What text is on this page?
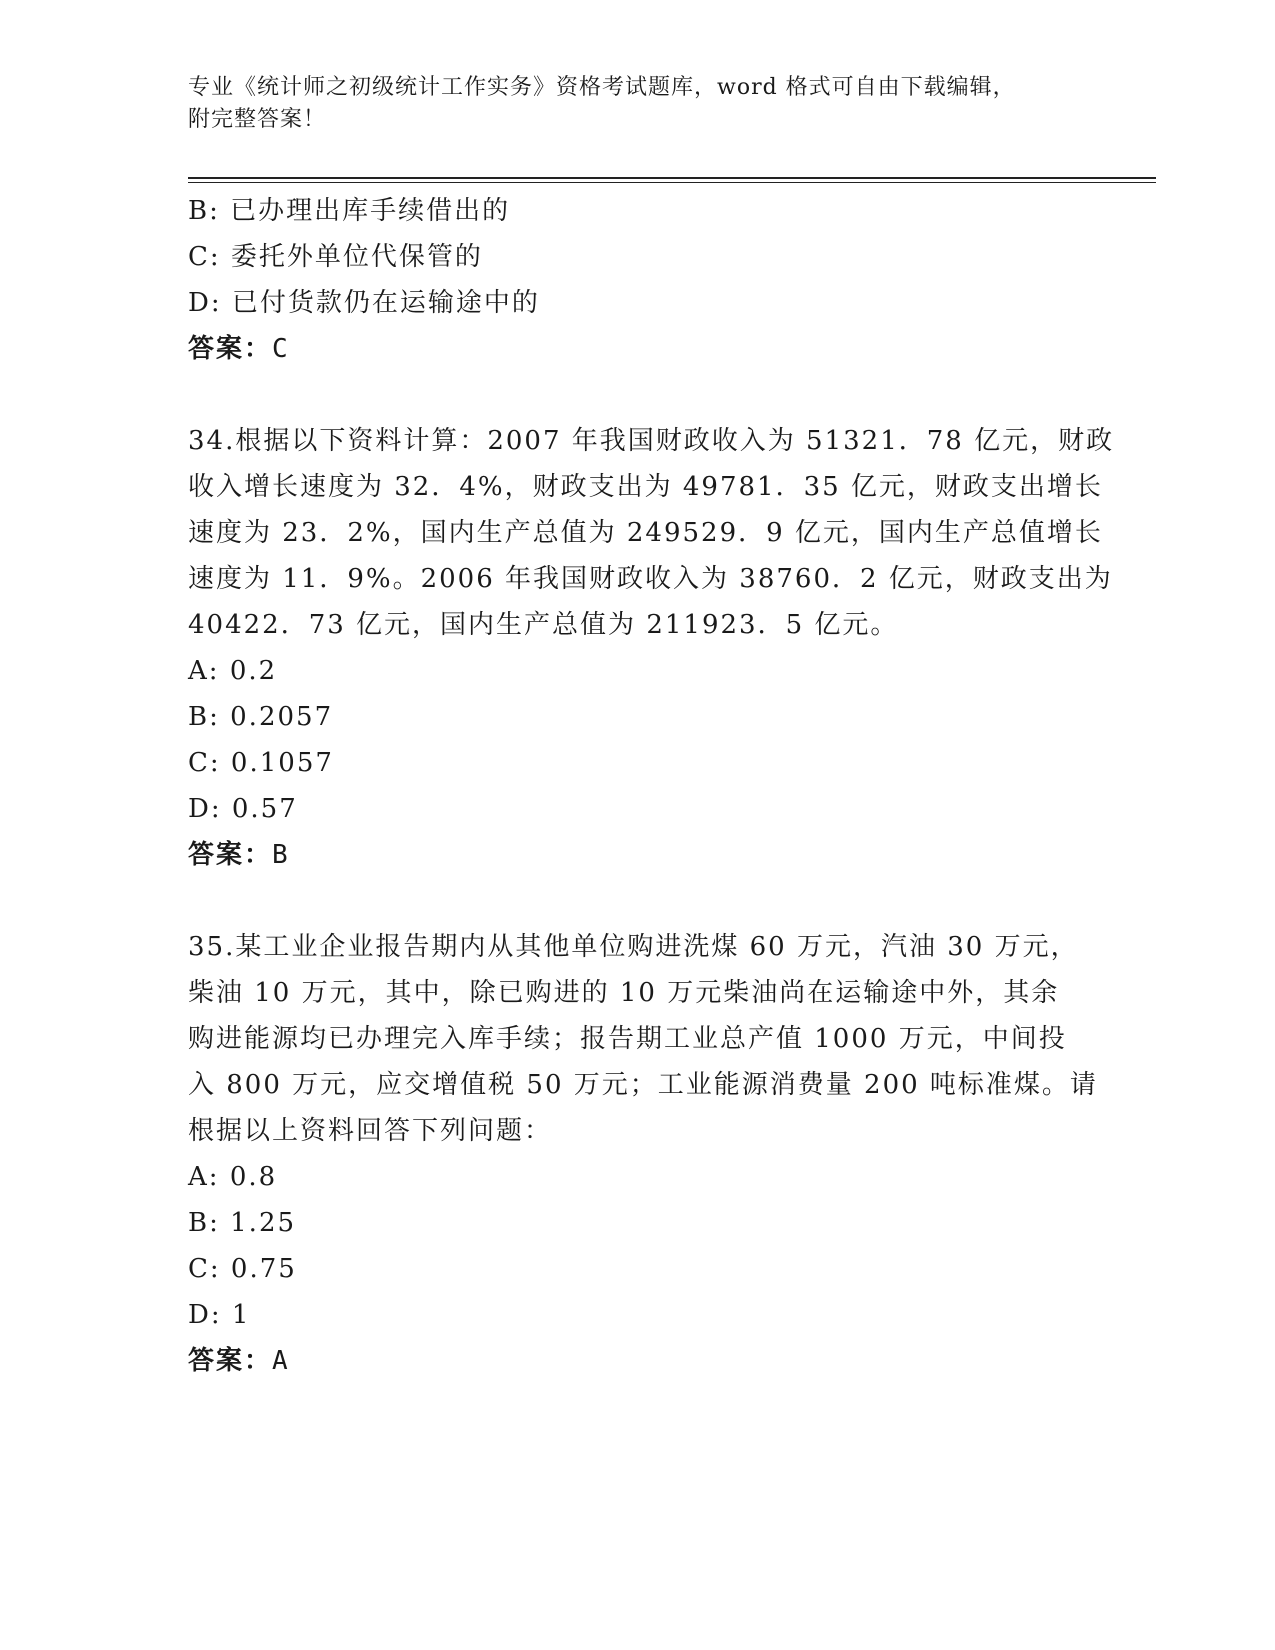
专业《统计师之初级统计工作实务》资格考试题库，word 格式可自由下载编辑，
附完整答案！
B: 已办理出库手续借出的
C: 委托外单位代保管的
D: 已付货款仍在运输途中的
答案：C
34.根据以下资料计算：2007 年我国财政收入为 51321．78 亿元，财政
收入增长速度为 32．4%，财政支出为 49781．35 亿元，财政支出增长
速度为 23．2%，国内生产总值为 249529．9 亿元，国内生产总值增长
速度为 11．9%。2006 年我国财政收入为 38760．2 亿元，财政支出为
40422．73 亿元，国内生产总值为 211923．5 亿元。
A: 0.2
B: 0.2057
C: 0.1057
D: 0.57
答案：B
35.某工业企业报告期内从其他单位购进洗煤 60 万元，汽油 30 万元，
柴油 10 万元，其中，除已购进的 10 万元柴油尚在运输途中外，其余
购进能源均已办理完入库手续；报告期工业总产值 1000 万元，中间投
入 800 万元，应交增值税 50 万元；工业能源消费量 200 吨标准煤。请
根据以上资料回答下列问题：
A: 0.8
B: 1.25
C: 0.75
D: 1
答案：A
